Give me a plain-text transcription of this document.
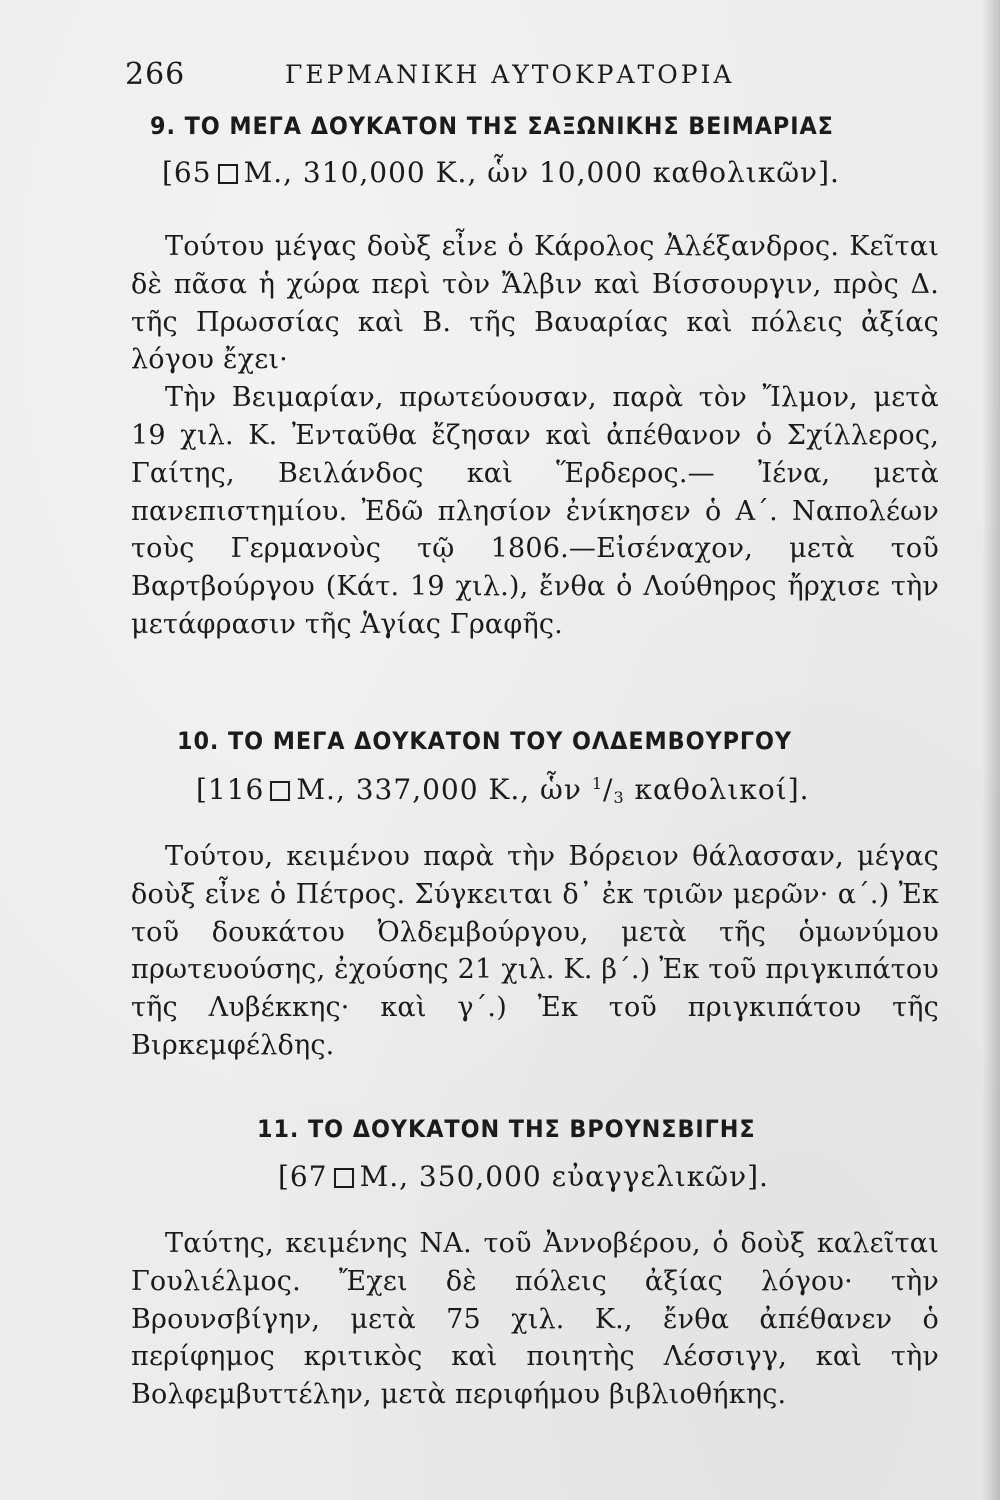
266	ΓΕΡΜΑΝΙΚΗ ΑΥΤΟΚΡΑΤΟΡΙΑ
9. ΤΟ ΜΕΓΑ ΔΟΥΚΑΤΟΝ ΤΗΣ ΣΑΞΩΝΙΚΗΣ ΒΕΙΜΑΡΙΑΣ
[65 Μ., 310,000 Κ., ὧν 10,000 καθολικῶν].

Τούτου μέγας δοὺξ εἶνε ὁ Κάρολος Ἀλέξανδρος. Κεῖται δὲ πᾶσα ἡ χώρα περὶ τὸν Ἄλβιν καὶ Βίσσουργιν, πρὸς Δ. τῆς Πρωσσίας καὶ Β. τῆς Βαυαρίας καὶ πόλεις ἀξίας λόγου ἔχει·

Τὴν Βειμαρίαν, πρωτεύουσαν, παρὰ τὸν Ἴλμον, μετὰ 19 χιλ. Κ. Ἐνταῦθα ἔζησαν καὶ ἀπέθανον ὁ Σχίλλερος, Γαίτης, Βειλάνδος καὶ Ἕρδερος.— Ἰένα, μετὰ πανεπιστημίου. Ἐδῶ πλησίον ἐνίκησεν ὁ Α΄. Ναπολέων τοὺς Γερμανοὺς τῷ 1806.—Εἰσέναχον, μετὰ τοῦ Βαρτβούργου (Κάτ. 19 χιλ.), ἔνθα ὁ Λούθηρος ἤρχισε τὴν μετάφρασιν τῆς Ἁγίας Γραφῆς.

10. ΤΟ ΜΕΓΑ ΔΟΥΚΑΤΟΝ ΤΟΥ ΟΛΔΕΜΒΟΥΡΓΟΥ
[116 Μ., 337,000 Κ., ὧν $^1/_3$ καθολικοί].

Τούτου, κειμένου παρὰ τὴν Βόρειον θάλασσαν, μέγας δοὺξ εἶνε ὁ Πέτρος. Σύγκειται δ᾽ ἐκ τριῶν μερῶν· α΄.) Ἐκ τοῦ δουκάτου Ὀλδεμβούργου, μετὰ τῆς ὁμωνύμου πρωτευούσης, ἐχούσης 21 χιλ. Κ. β΄.) Ἐκ τοῦ πριγκιπάτου τῆς Λυβέκκης· καὶ γ΄.) Ἐκ τοῦ πριγκιπάτου τῆς Βιρκεμφέλδης.

11. ΤΟ ΔΟΥΚΑΤΟΝ ΤΗΣ ΒΡΟΥΝΣΒΙΓΗΣ
[67 Μ., 350,000 εὐαγγελικῶν].

Ταύτης, κειμένης ΝΑ. τοῦ Ἀννοβέρου, ὁ δοὺξ καλεῖται Γουλιέλμος. Ἔχει δὲ πόλεις ἀξίας λόγου· τὴν Βρουνσβίγην, μετὰ 75 χιλ. Κ., ἔνθα ἀπέθανεν ὁ περίφημος κριτικὸς καὶ ποιητὴς Λέσσιγγ, καὶ τὴν Βολφεμβυττέλην, μετὰ περιφήμου βιβλιοθήκης.
